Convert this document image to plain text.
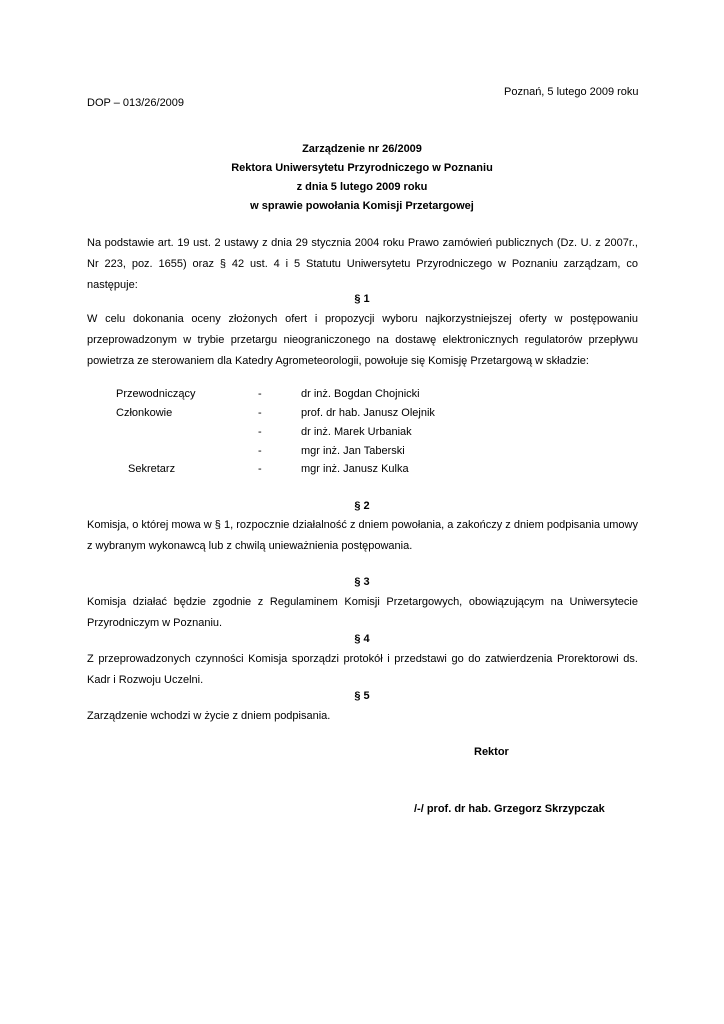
Poznań, 5 lutego 2009 roku
DOP – 013/26/2009
Zarządzenie nr 26/2009
Rektora Uniwersytetu Przyrodniczego w Poznaniu
z dnia 5 lutego 2009 roku
w sprawie powołania Komisji Przetargowej
Na podstawie art. 19 ust. 2 ustawy z dnia 29 stycznia 2004 roku Prawo zamówień publicznych (Dz. U. z 2007r.,
Nr 223, poz. 1655) oraz § 42 ust. 4 i 5 Statutu Uniwersytetu Przyrodniczego w Poznaniu zarządzam, co
następuje:
§ 1
W celu dokonania oceny złożonych ofert i propozycji wyboru najkorzystniejszej oferty w postępowaniu
przeprowadzonym w trybie przetargu nieograniczonego na dostawę elektronicznych regulatorów przepływu
powietrza ze sterowaniem dla Katedry Agrometeorologii, powołuje się Komisję Przetargową w składzie:
Przewodniczący	-	dr inż. Bogdan Chojnicki
Członkowie	-	prof. dr hab. Janusz Olejnik
-	dr inż. Marek Urbaniak
-	mgr inż. Jan Taberski
Sekretarz	-	mgr inż. Janusz Kulka
§ 2
Komisja, o której mowa w § 1, rozpocznie działalność z dniem powołania, a zakończy z dniem podpisania umowy
z wybranym wykonawcą lub z chwilą unieważnienia postępowania.
§ 3
Komisja działać będzie zgodnie z Regulaminem Komisji Przetargowych, obowiązującym na Uniwersytecie
Przyrodniczym w Poznaniu.
§ 4
Z przeprowadzonych czynności Komisja sporządzi protokół i przedstawi go do zatwierdzenia Prorektorowi ds.
Kadr i Rozwoju Uczelni.
§ 5
Zarządzenie wchodzi w życie z dniem podpisania.
Rektor
/-/ prof. dr hab. Grzegorz Skrzypczak
